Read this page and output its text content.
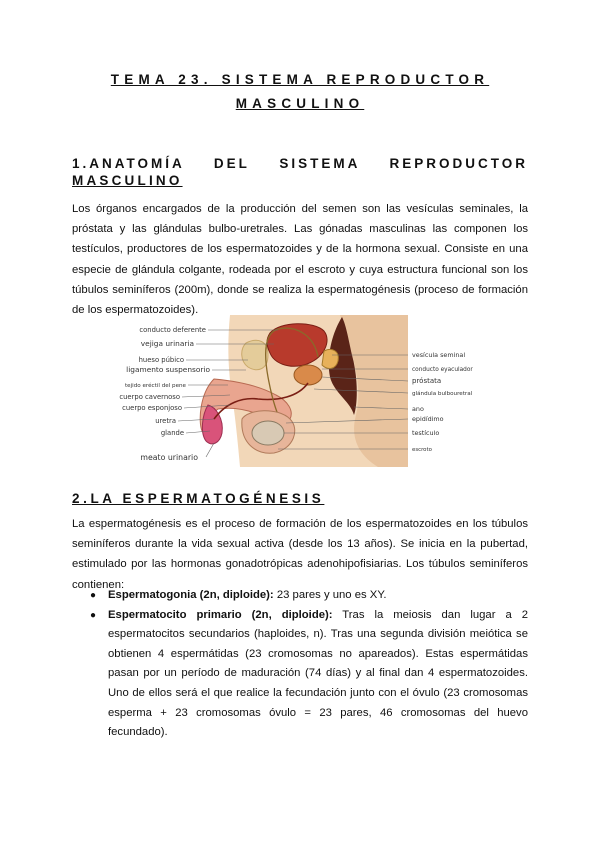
TEMA 23. SISTEMA REPRODUCTOR
MASCULINO
1.ANATOMÍA DEL SISTEMA REPRODUCTOR
MASCULINO

Los órganos encargados de la producción del semen son las vesículas seminales, la próstata y las glándulas bulbo-uretrales. Las gónadas masculinas las componen los testículos, productores de los espermatozoides y de la hormona sexual. Consiste en una especie de glándula colgante, rodeada por el escroto y cuya estructura funcional son los túbulos seminíferos (200m), donde se realiza la espermatogénesis (proceso de formación de los espermatozoides).

conducto deferente
vejiga urinaria
hueso púbico
ligamento suspensorio
tejido eréctil del pene
cuerpo cavernoso
cuerpo esponjoso
uretra
glande
meato urinario
vesícula seminal
conducto eyaculador
próstata
glándula bulbouretral
ano
epidídimo
testículo
escroto
2.LA ESPERMATOGÉNESIS

La espermatogénesis es el proceso de formación de los espermatozoides en los túbulos seminíferos durante la vida sexual activa (desde los 13 años). Se inicia en la pubertad, estimulado por las hormonas gonadotrópicas adenohipofisiarias. Los túbulos seminíferos contienen:

● Espermatogonia (2n, diploide): 23 pares y uno es XY.
● Espermatocito primario (2n, diploide): Tras la meiosis dan lugar a 2 espermatocitos secundarios (haploides, n). Tras una segunda división meiótica se obtienen 4 espermátidas (23 cromosomas no apareados). Estas espermátidas pasan por un período de maduración (74 días) y al final dan 4 espermatozoides. Uno de ellos será el que realice la fecundación junto con el óvulo (23 cromosomas esperma + 23 cromosomas óvulo = 23 pares, 46 cromosomas del huevo fecundado).
